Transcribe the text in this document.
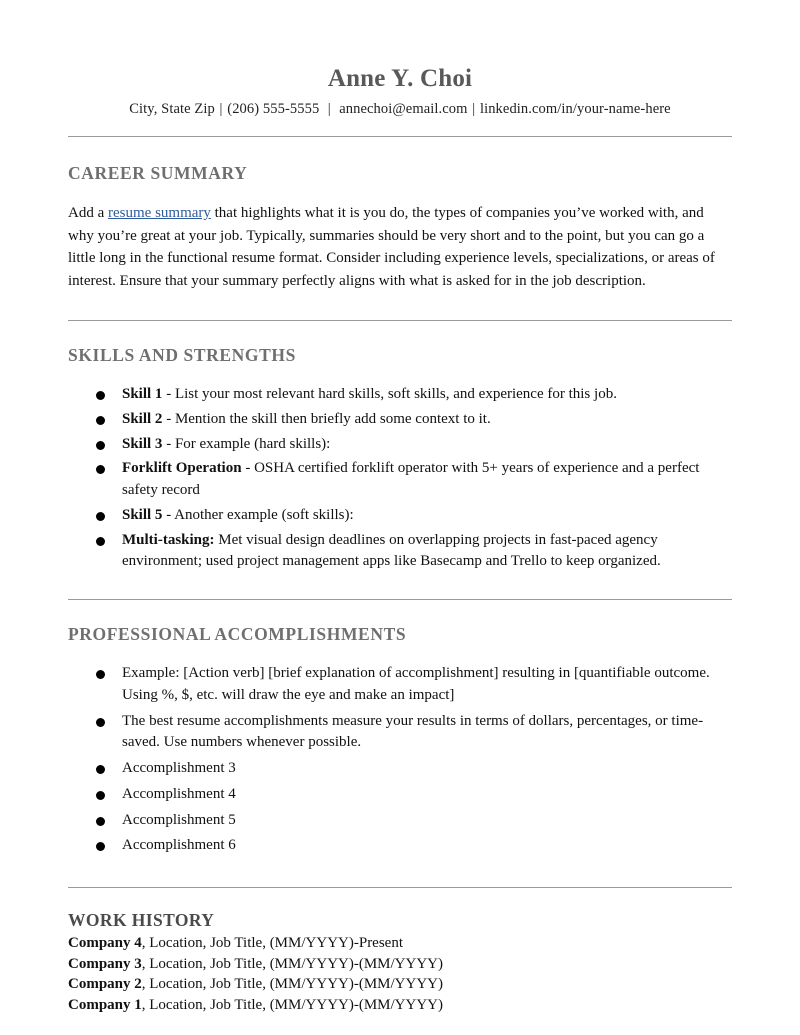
Anne Y. Choi
City, State Zip | (206) 555-5555  |  annechoi@email.com | linkedin.com/in/your-name-here
CAREER SUMMARY

Add a resume summary that highlights what it is you do, the types of companies you’ve worked with, and why you’re great at your job. Typically, summaries should be very short and to the point, but you can go a little long in the functional resume format. Consider including experience levels, specializations, or areas of interest. Ensure that your summary perfectly aligns with what is asked for in the job description.

SKILLS AND STRENGTHS
Skill 1 - List your most relevant hard skills, soft skills, and experience for this job.
Skill 2 - Mention the skill then briefly add some context to it.
Skill 3 - For example (hard skills):
Forklift Operation - OSHA certified forklift operator with 5+ years of experience and a perfect safety record
Skill 5 - Another example (soft skills):
Multi-tasking: Met visual design deadlines on overlapping projects in fast-paced agency environment; used project management apps like Basecamp and Trello to keep organized.
PROFESSIONAL ACCOMPLISHMENTS
Example: [Action verb] [brief explanation of accomplishment] resulting in [quantifiable outcome. Using %, $, etc. will draw the eye and make an impact]
The best resume accomplishments measure your results in terms of dollars, percentages, or time-saved. Use numbers whenever possible.
Accomplishment 3
Accomplishment 4
Accomplishment 5
Accomplishment 6
WORK HISTORY
Company 4, Location, Job Title, (MM/YYYY)-Present
Company 3, Location, Job Title, (MM/YYYY)-(MM/YYYY)
Company 2, Location, Job Title, (MM/YYYY)-(MM/YYYY)
Company 1, Location, Job Title, (MM/YYYY)-(MM/YYYY)
